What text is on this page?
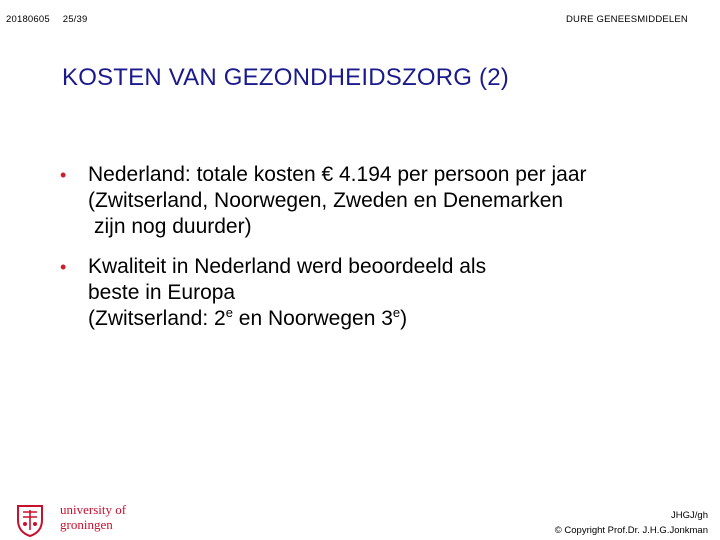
20180605 25/39	DURE GENEESMIDDELEN
KOSTEN VAN GEZONDHEIDSZORG (2)
• Nederland: totale kosten € 4.194 per persoon per jaar
(Zwitserland, Noorwegen, Zweden en Denemarken
zijn nog duurder)
• Kwaliteit in Nederland werd beoordeeld als
beste in Europa
(Zwitserland: 2e en Noorwegen 3e)
university of
groningen
JHGJ/gh
© Copyright Prof.Dr. J.H.G.Jonkman
